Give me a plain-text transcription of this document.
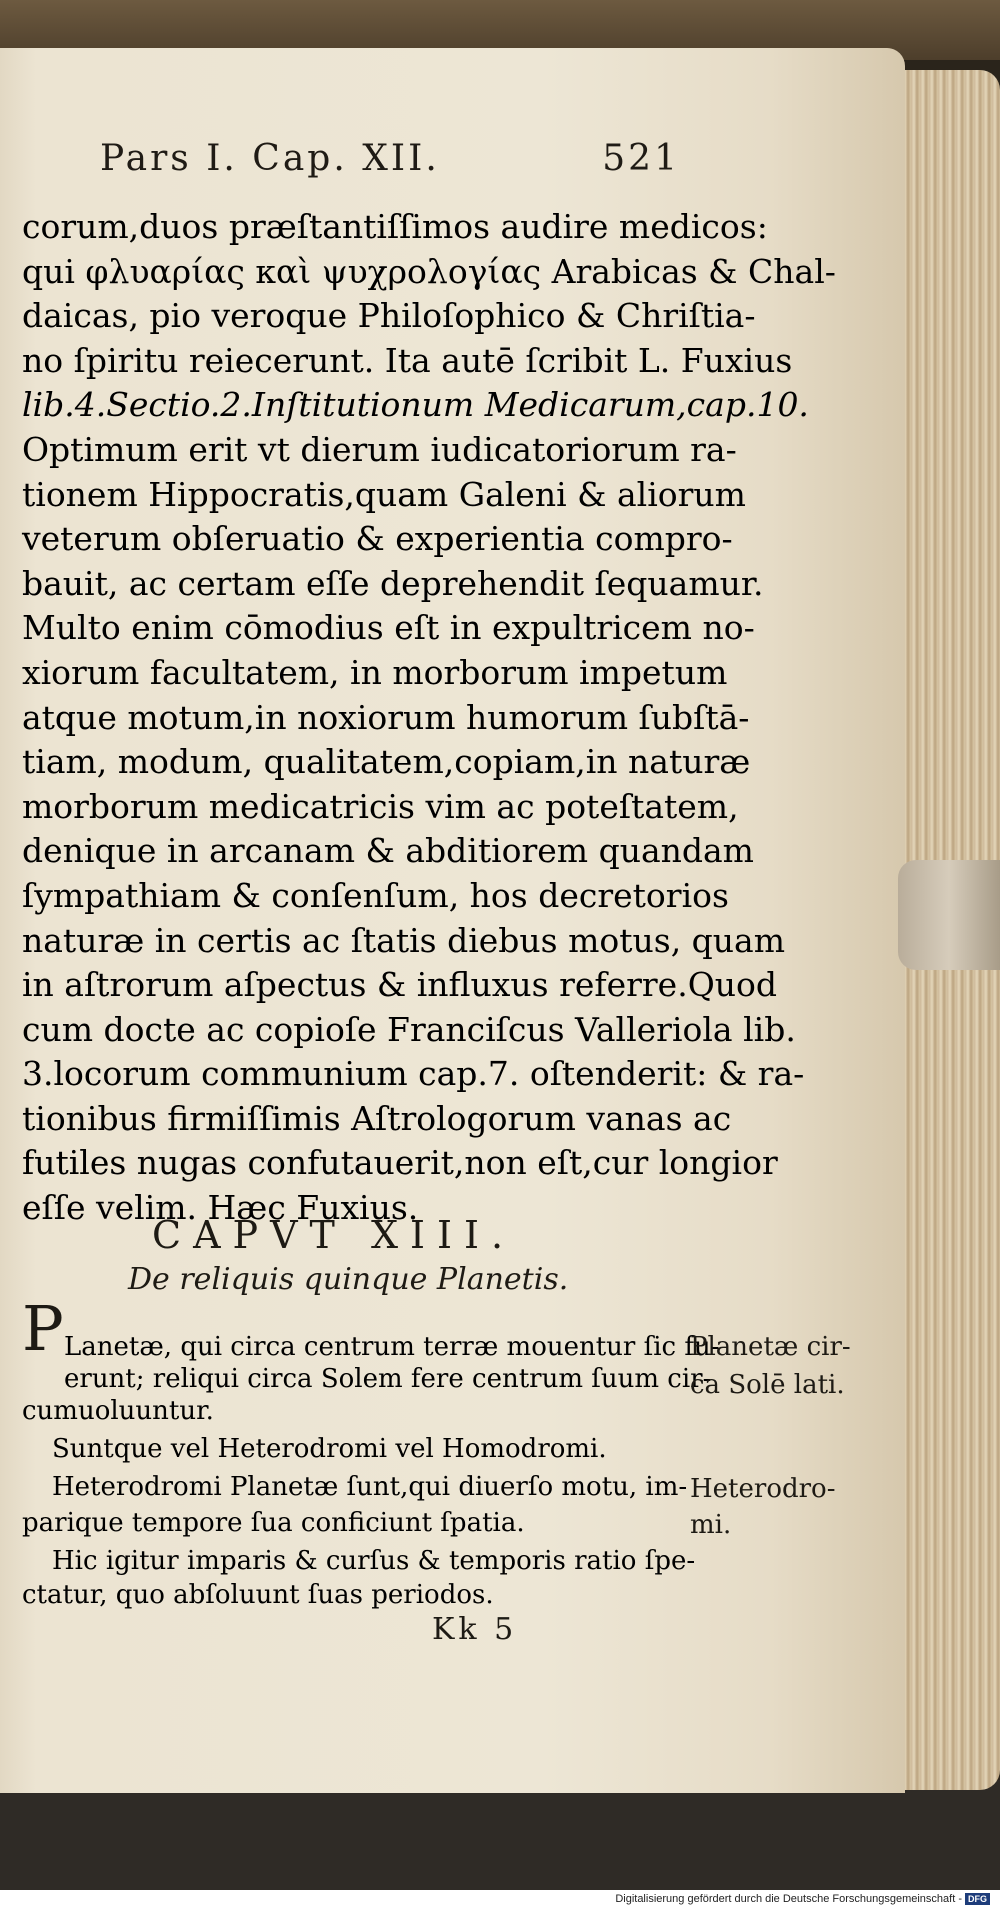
Pars I. Cap. XII.	521
corum,duos præſtantiſſimos audire medicos:
qui φλυαρίας καὶ ψυχρολογίας Arabicas & Chal-
daicas, pio veroque Philoſophico & Chriſtia-
no ſpiritu reiecerunt. Ita autē ſcribit L. Fuxius
lib.4.Sectio.2.Inſtitutionum Medicarum,cap.10.
Optimum erit vt dierum iudicatoriorum ra-
tionem Hippocratis,quam Galeni & aliorum
veterum obſeruatio & experientia compro-
bauit, ac certam eſſe deprehendit ſequamur.
Multo enim cōmodius eſt in expultricem no-
xiorum facultatem, in morborum impetum
atque motum,in noxiorum humorum ſubſtā-
tiam, modum, qualitatem,copiam,in naturæ
morborum medicatricis vim ac poteſtatem,
denique in arcanam & abditiorem quandam
ſympathiam & conſenſum, hos decretorios
naturæ in certis ac ſtatis diebus motus, quam
in aſtrorum aſpectus & influxus referre.Quod
cum docte ac copioſe Franciſcus Valleriola lib.
3.locorum communium cap.7. oſtenderit: & ra-
tionibus firmiſſimis Aſtrologorum vanas ac
futiles nugas confutauerit,non eſt,cur longior
eſſe velim. Hæc Fuxius.
CAPVT XIII.
De reliquis quinque Planetis.
P Lanetæ, qui circa centrum terræ mouentur ſic fu-
erunt; reliqui circa Solem fere centrum ſuum cir-
cumuoluuntur.
Suntque vel Heterodromi vel Homodromi.
Heterodromi Planetæ ſunt,qui diuerſo motu, im-
parique tempore ſua conficiunt ſpatia.
Hic igitur imparis & curſus & temporis ratio ſpe-
ctatur, quo abſoluunt ſuas periodos.
Planetæ cir-
ca Solē lati.
Heterodro-
mi.
Kk 5
Digitalisierung gefördert durch die Deutsche Forschungsgemeinschaft - DFG
